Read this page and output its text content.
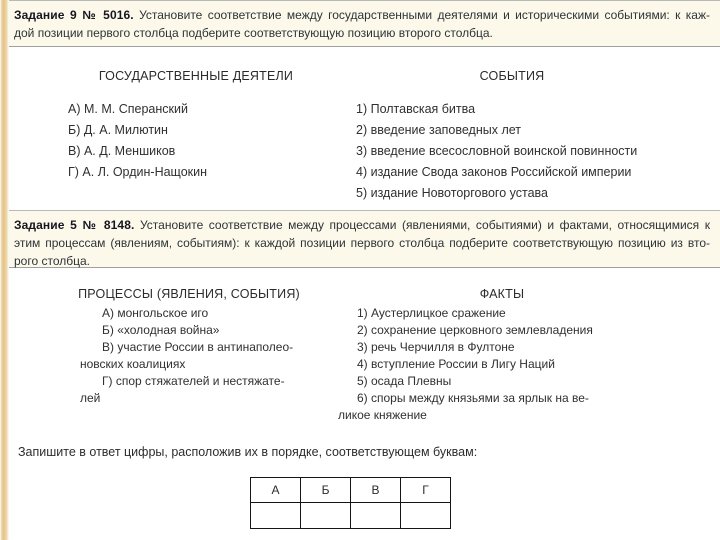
Задание 9 № 5016. Установите соответствие между государственными деятелями и историческими событиями: к каж-
дой позиции первого столбца подберите соответствующую позицию второго столбца.
ГОСУДАРСТВЕННЫЕ ДЕЯТЕЛИ	СОБЫТИЯ
А) М. М. Сперанский
Б) Д. А. Милютин
В) А. Д. Меншиков
Г) А. Л. Ордин-Нащокин
1) Полтавская битва
2) введение заповедных лет
3) введение всесословной воинской повинности
4) издание Свода законов Российской империи
5) издание Новоторгового устава
Задание 5 № 8148. Установите соответствие между процессами (явлениями, событиями) и фактами, относящимися к
этим процессам (явлениям, событиям): к каждой позиции первого столбца подберите соответствующую позицию из вто-
рого столбца.
ПРОЦЕССЫ (ЯВЛЕНИЯ, СОБЫТИЯ)	ФАКТЫ
А) монгольское иго
Б) «холодная война»
В) участие России в антинаполео-
новских коалициях
Г) спор стяжателей и нестяжате-
лей
1) Аустерлицкое сражение
2) сохранение церковного землевладения
3) речь Черчилля в Фултоне
4) вступление России в Лигу Наций
5) осада Плевны
6) споры между князьями за ярлык на ве-
ликое княжение
Запишите в ответ цифры, расположив их в порядке, соответствующем буквам:
А	Б	В	Г
